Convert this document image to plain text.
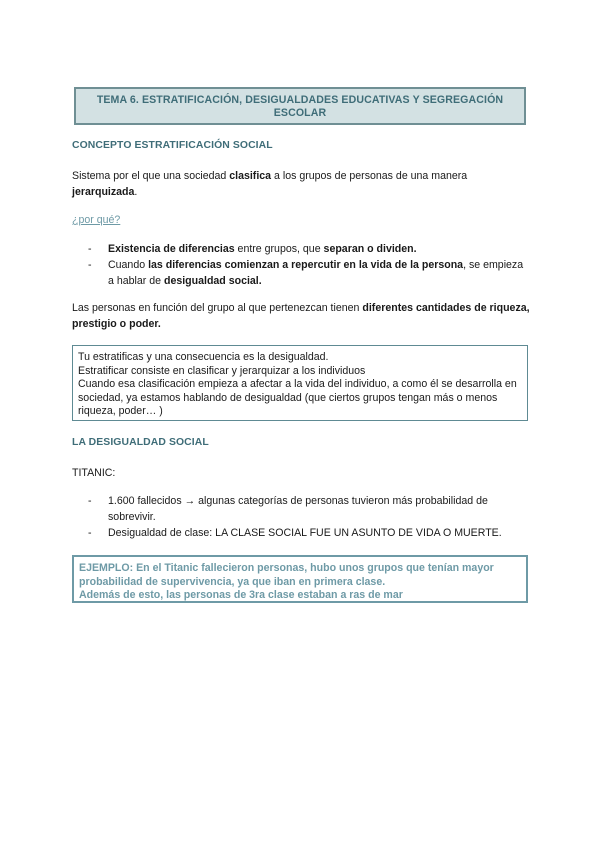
TEMA 6. ESTRATIFICACIÓN, DESIGUALDADES EDUCATIVAS Y SEGREGACIÓN
ESCOLAR
CONCEPTO ESTRATIFICACIÓN SOCIAL
Sistema por el que una sociedad clasifica a los grupos de personas de una manera jerarquizada.
¿por qué?
- Existencia de diferencias entre grupos, que separan o dividen.
- Cuando las diferencias comienzan a repercutir en la vida de la persona, se empieza a hablar de desigualdad social.
Las personas en función del grupo al que pertenezcan tienen diferentes cantidades de riqueza, prestigio o poder.
Tu estratificas y una consecuencia es la desigualdad.
Estratificar consiste en clasificar y jerarquizar a los individuos
Cuando esa clasificación empieza a afectar a la vida del individuo, a como él se desarrolla en sociedad, ya estamos hablando de desigualdad (que ciertos grupos tengan más o menos riqueza, poder… )
LA DESIGUALDAD SOCIAL
TITANIC:
- 1.600 fallecidos → algunas categorías de personas tuvieron más probabilidad de sobrevivir.
- Desigualdad de clase: LA CLASE SOCIAL FUE UN ASUNTO DE VIDA O MUERTE.
EJEMPLO: En el Titanic fallecieron personas, hubo unos grupos que tenían mayor probabilidad de supervivencia, ya que iban en primera clase.
Además de esto, las personas de 3ra clase estaban a ras de mar
